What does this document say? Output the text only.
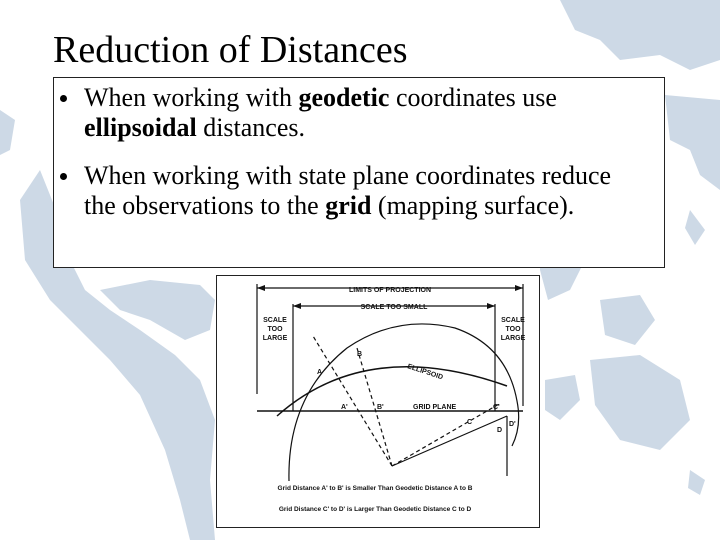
Reduction of Distances
When working with geodetic coordinates use ellipsoidal distances.
When working with state plane coordinates reduce the observations to the grid (mapping surface).
LIMITS OF PROJECTION
SCALE TOO SMALL
SCALE
TOO
LARGE
SCALE
TOO
LARGE
ELLIPSOID
GRID PLANE
A
B
A'	B'	C'
C
D
D'
Grid Distance A' to B' is Smaller Than Geodetic Distance A to B
Grid Distance C' to D' is Larger Than Geodetic Distance C to D
